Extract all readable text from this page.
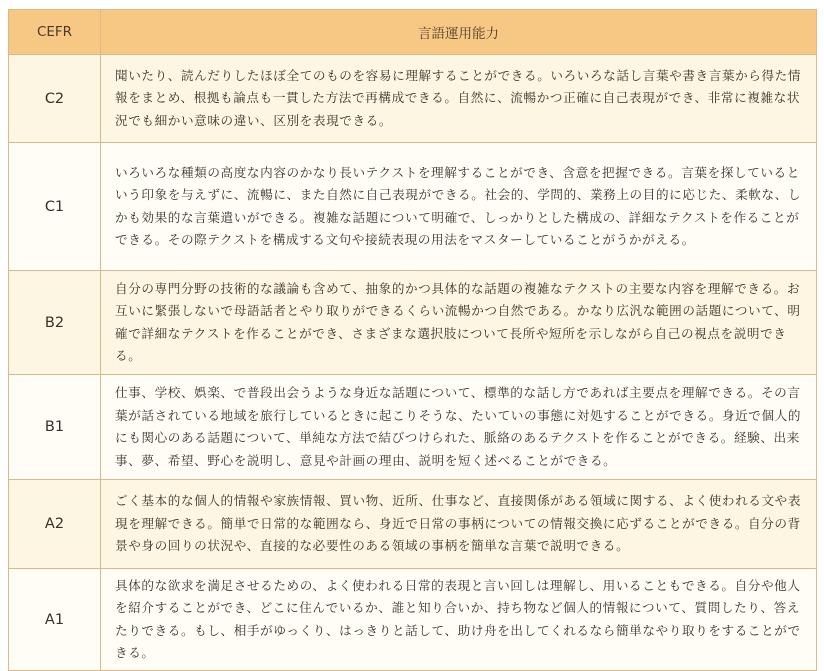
CEFR	言語運用能力
C2	聞いたり、読んだりしたほぼ全てのものを容易に理解することができる。いろいろな話し言葉や書き言葉から得た情報をまとめ、根拠も論点も一貫した方法で再構成できる。自然に、流暢かつ正確に自己表現ができ、非常に複雑な状況でも細かい意味の違い、区別を表現できる。
C1	いろいろな種類の高度な内容のかなり長いテクストを理解することができ、含意を把握できる。言葉を探しているという印象を与えずに、流暢に、また自然に自己表現ができる。社会的、学問的、業務上の目的に応じた、柔軟な、しかも効果的な言葉遣いができる。複雑な話題について明確で、しっかりとした構成の、詳細なテクストを作ることができる。その際テクストを構成する文句や接続表現の用法をマスターしていることがうかがえる。
B2	自分の専門分野の技術的な議論も含めて、抽象的かつ具体的な話題の複雑なテクストの主要な内容を理解できる。お互いに緊張しないで母語話者とやり取りができるくらい流暢かつ自然である。かなり広汎な範囲の話題について、明確で詳細なテクストを作ることができ、さまざまな選択肢について長所や短所を示しながら自己の視点を説明できる。
B1	仕事、学校、娯楽、で普段出会うような身近な話題について、標準的な話し方であれば主要点を理解できる。その言葉が話されている地域を旅行しているときに起こりそうな、たいていの事態に対処することができる。身近で個人的にも関心のある話題について、単純な方法で結びつけられた、脈絡のあるテクストを作ることができる。経験、出来事、夢、希望、野心を説明し、意見や計画の理由、説明を短く述べることができる。
A2	ごく基本的な個人的情報や家族情報、買い物、近所、仕事など、直接関係がある領域に関する、よく使われる文や表現を理解できる。簡単で日常的な範囲なら、身近で日常の事柄についての情報交換に応ずることができる。自分の背景や身の回りの状況や、直接的な必要性のある領域の事柄を簡単な言葉で説明できる。
A1	具体的な欲求を満足させるための、よく使われる日常的表現と言い回しは理解し、用いることもできる。自分や他人を紹介することができ、どこに住んでいるか、誰と知り合いか、持ち物など個人的情報について、質問したり、答えたりできる。もし、相手がゆっくり、はっきりと話して、助け舟を出してくれるなら簡単なやり取りをすることができる。
